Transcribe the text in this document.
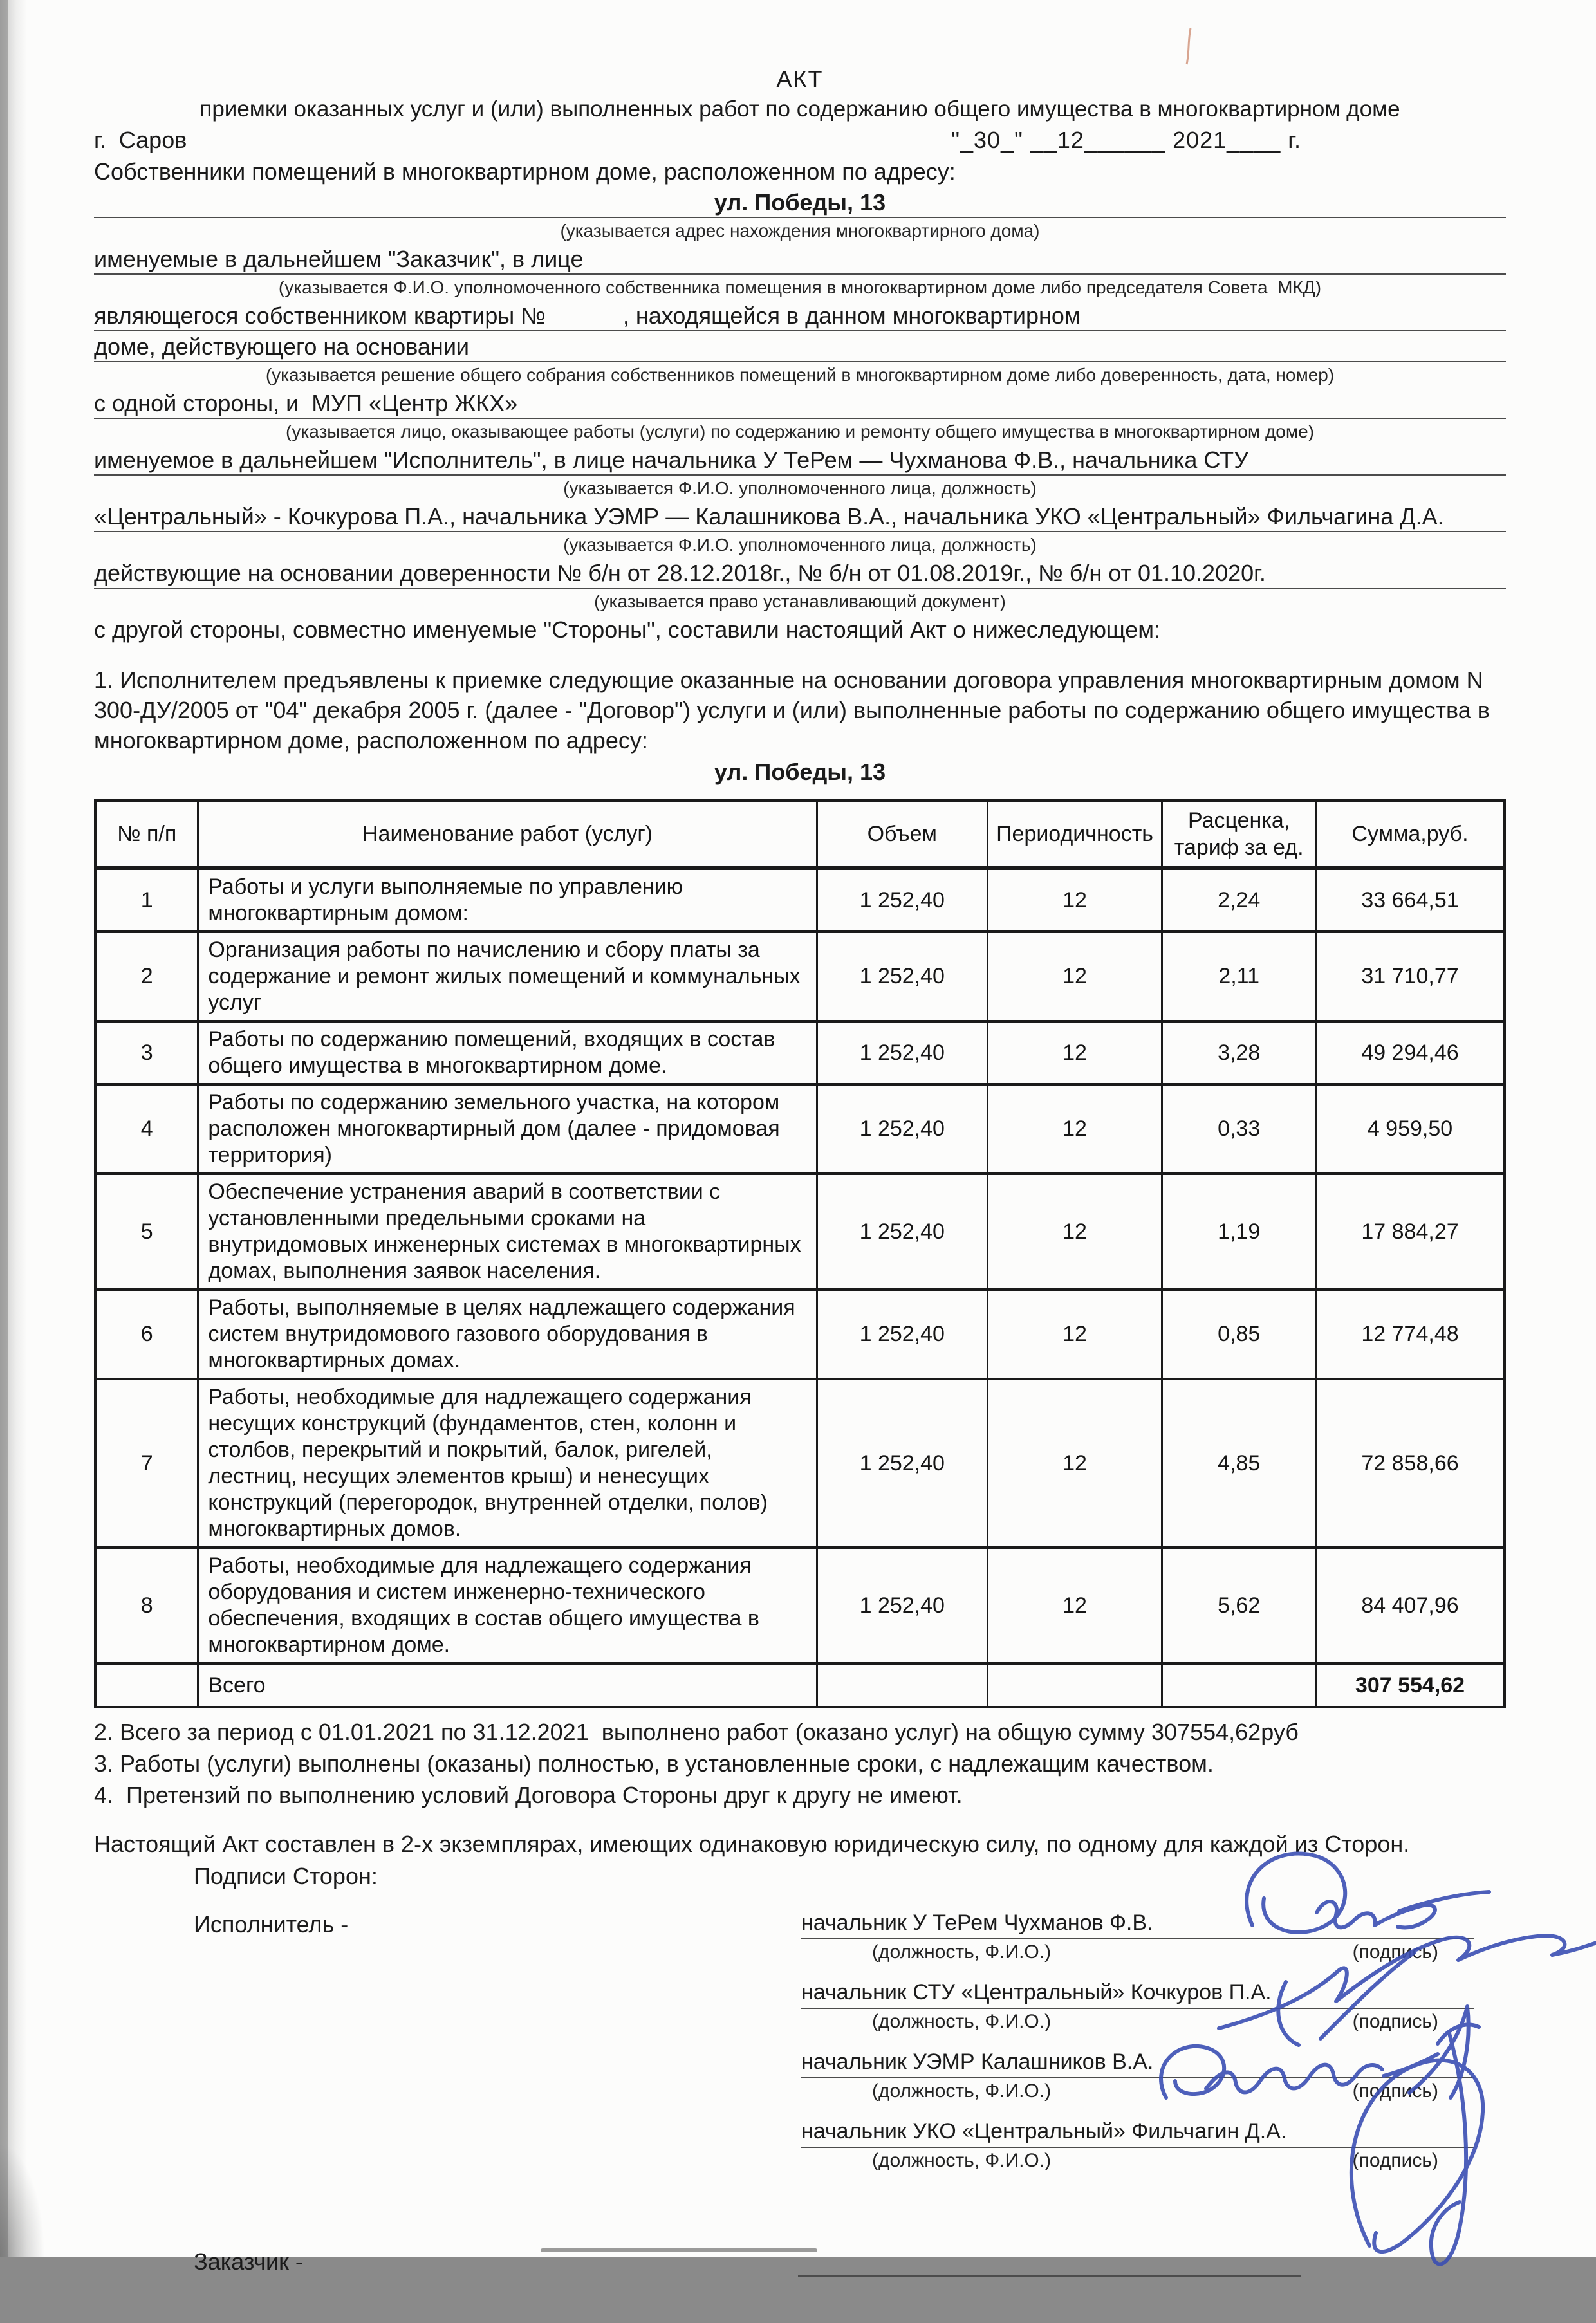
АКТ
приемки оказанных услуг и (или) выполненных работ по содержанию общего имущества в многоквартирном доме
г.  Саров	"_30_" __12______ 2021____ г.
Собственники помещений в многоквартирном доме, расположенном по адресу:
ул. Победы, 13
(указывается адрес нахождения многоквартирного дома)
именуемые в дальнейшем "Заказчик", в лице
(указывается Ф.И.О. уполномоченного собственника помещения в многоквартирном доме либо председателя Совета  МКД)
являющегося собственником квартиры №            , находящейся в данном многоквартирном
доме, действующего на основании
(указывается решение общего собрания собственников помещений в многоквартирном доме либо доверенность, дата, номер)
с одной стороны, и  МУП «Центр ЖКХ»
(указывается лицо, оказывающее работы (услуги) по содержанию и ремонту общего имущества в многоквартирном доме)
именуемое в дальнейшем "Исполнитель", в лице начальника У ТеРем — Чухманова Ф.В., начальника СТУ
(указывается Ф.И.О. уполномоченного лица, должность)
«Центральный» - Кочкурова П.А., начальника УЭМР — Калашникова В.А., начальника УКО «Центральный» Фильчагина Д.А.
(указывается Ф.И.О. уполномоченного лица, должность)
действующие на основании доверенности № б/н от 28.12.2018г., № б/н от 01.08.2019г., № б/н от 01.10.2020г.
(указывается право устанавливающий документ)
с другой стороны, совместно именуемые "Стороны", составили настоящий Акт о нижеследующем:
1. Исполнителем предъявлены к приемке следующие оказанные на основании договора управления многоквартирным домом N 300-ДУ/2005 от "04" декабря 2005 г. (далее - "Договор") услуги и (или) выполненные работы по содержанию общего имущества в многоквартирном доме, расположенном по адресу:
ул. Победы, 13
№ п/п	Наименование работ (услуг)	Объем	Периодичность	Расценка, тариф за ед.	Сумма,руб.
1	Работы и услуги выполняемые по управлению многоквартирным домом:	1 252,40	12	2,24	33 664,51
2	Организация работы по начислению и сбору платы за содержание и ремонт жилых помещений и коммунальных услуг	1 252,40	12	2,11	31 710,77
3	Работы по содержанию помещений, входящих в состав общего имущества в многоквартирном доме.	1 252,40	12	3,28	49 294,46
4	Работы по содержанию земельного участка, на котором расположен многоквартирный дом (далее - придомовая территория)	1 252,40	12	0,33	4 959,50
5	Обеспечение устранения аварий в соответствии с установленными предельными сроками на внутридомовых инженерных системах в многоквартирных домах, выполнения заявок населения.	1 252,40	12	1,19	17 884,27
6	Работы, выполняемые в целях надлежащего содержания систем внутридомового газового оборудования в многоквартирных домах.	1 252,40	12	0,85	12 774,48
7	Работы, необходимые для надлежащего содержания несущих конструкций (фундаментов, стен, колонн и столбов, перекрытий и покрытий, балок, ригелей, лестниц, несущих элементов крыш) и ненесущих конструкций (перегородок, внутренней отделки, полов) многоквартирных домов.	1 252,40	12	4,85	72 858,66
8	Работы, необходимые для надлежащего содержания оборудования и систем инженерно-технического обеспечения, входящих в состав общего имущества в многоквартирном доме.	1 252,40	12	5,62	84 407,96
	Всего				307 554,62
2. Всего за период с 01.01.2021 по 31.12.2021  выполнено работ (оказано услуг) на общую сумму 307554,62руб
3. Работы (услуги) выполнены (оказаны) полностью, в установленные сроки, с надлежащим качеством.
4.  Претензий по выполнению условий Договора Стороны друг к другу не имеют.
Настоящий Акт составлен в 2-х экземплярах, имеющих одинаковую юридическую силу, по одному для каждой из Сторон.
Подписи Сторон:
Исполнитель -	начальник У ТеРем Чухманов Ф.В.
(должность, Ф.И.О.)	(подпись)
начальник СТУ «Центральный» Кочкуров П.А.
(должность, Ф.И.О.)	(подпись)
начальник УЭМР Калашников В.А.
(должность, Ф.И.О.)	(подпись)
начальник УКО «Центральный» Фильчагин Д.А.
(должность, Ф.И.О.)	(подпись)
Заказчик -
